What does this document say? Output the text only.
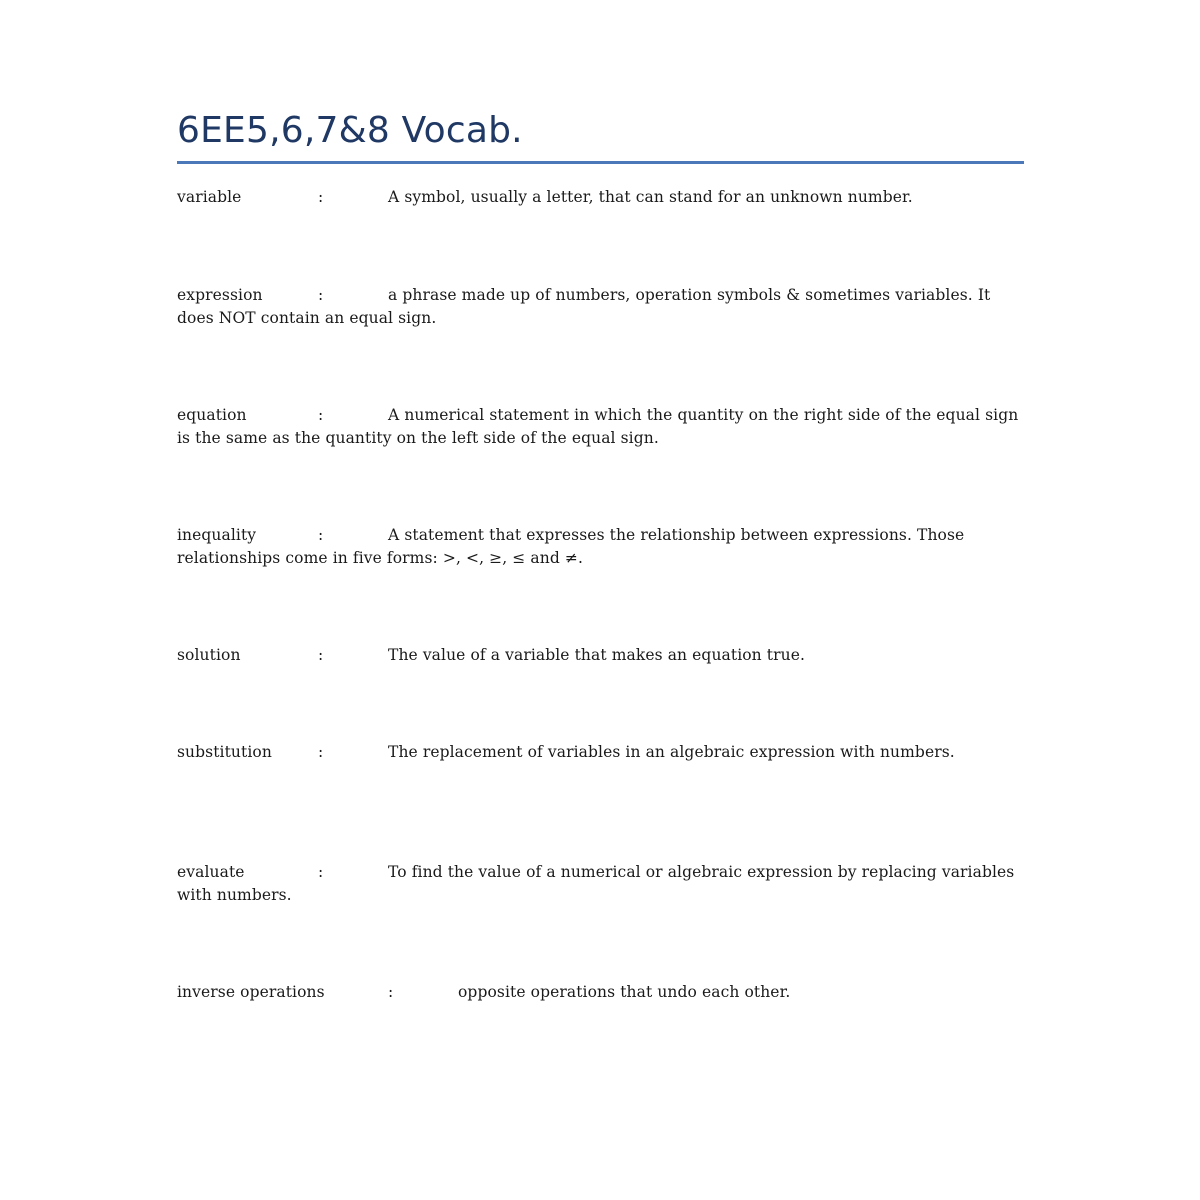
6EE5,6,7&8 Vocab.
variable	:	A symbol, usually a letter, that can stand for an unknown number.
expression	:	a phrase made up of numbers, operation symbols & sometimes variables. It does NOT contain an equal sign.
equation	:	A numerical statement in which the quantity on the right side of the equal sign is the same as the quantity on the left side of the equal sign.
inequality	:	A statement that expresses the relationship between expressions. Those relationships come in five forms: >, <, ≥, ≤ and ≠.
solution	:	The value of a variable that makes an equation true.
substitution	:	The replacement of variables in an algebraic expression with numbers.
evaluate	:	To find the value of a numerical or algebraic expression by replacing variables with numbers.
inverse operations	:	opposite operations that undo each other.
